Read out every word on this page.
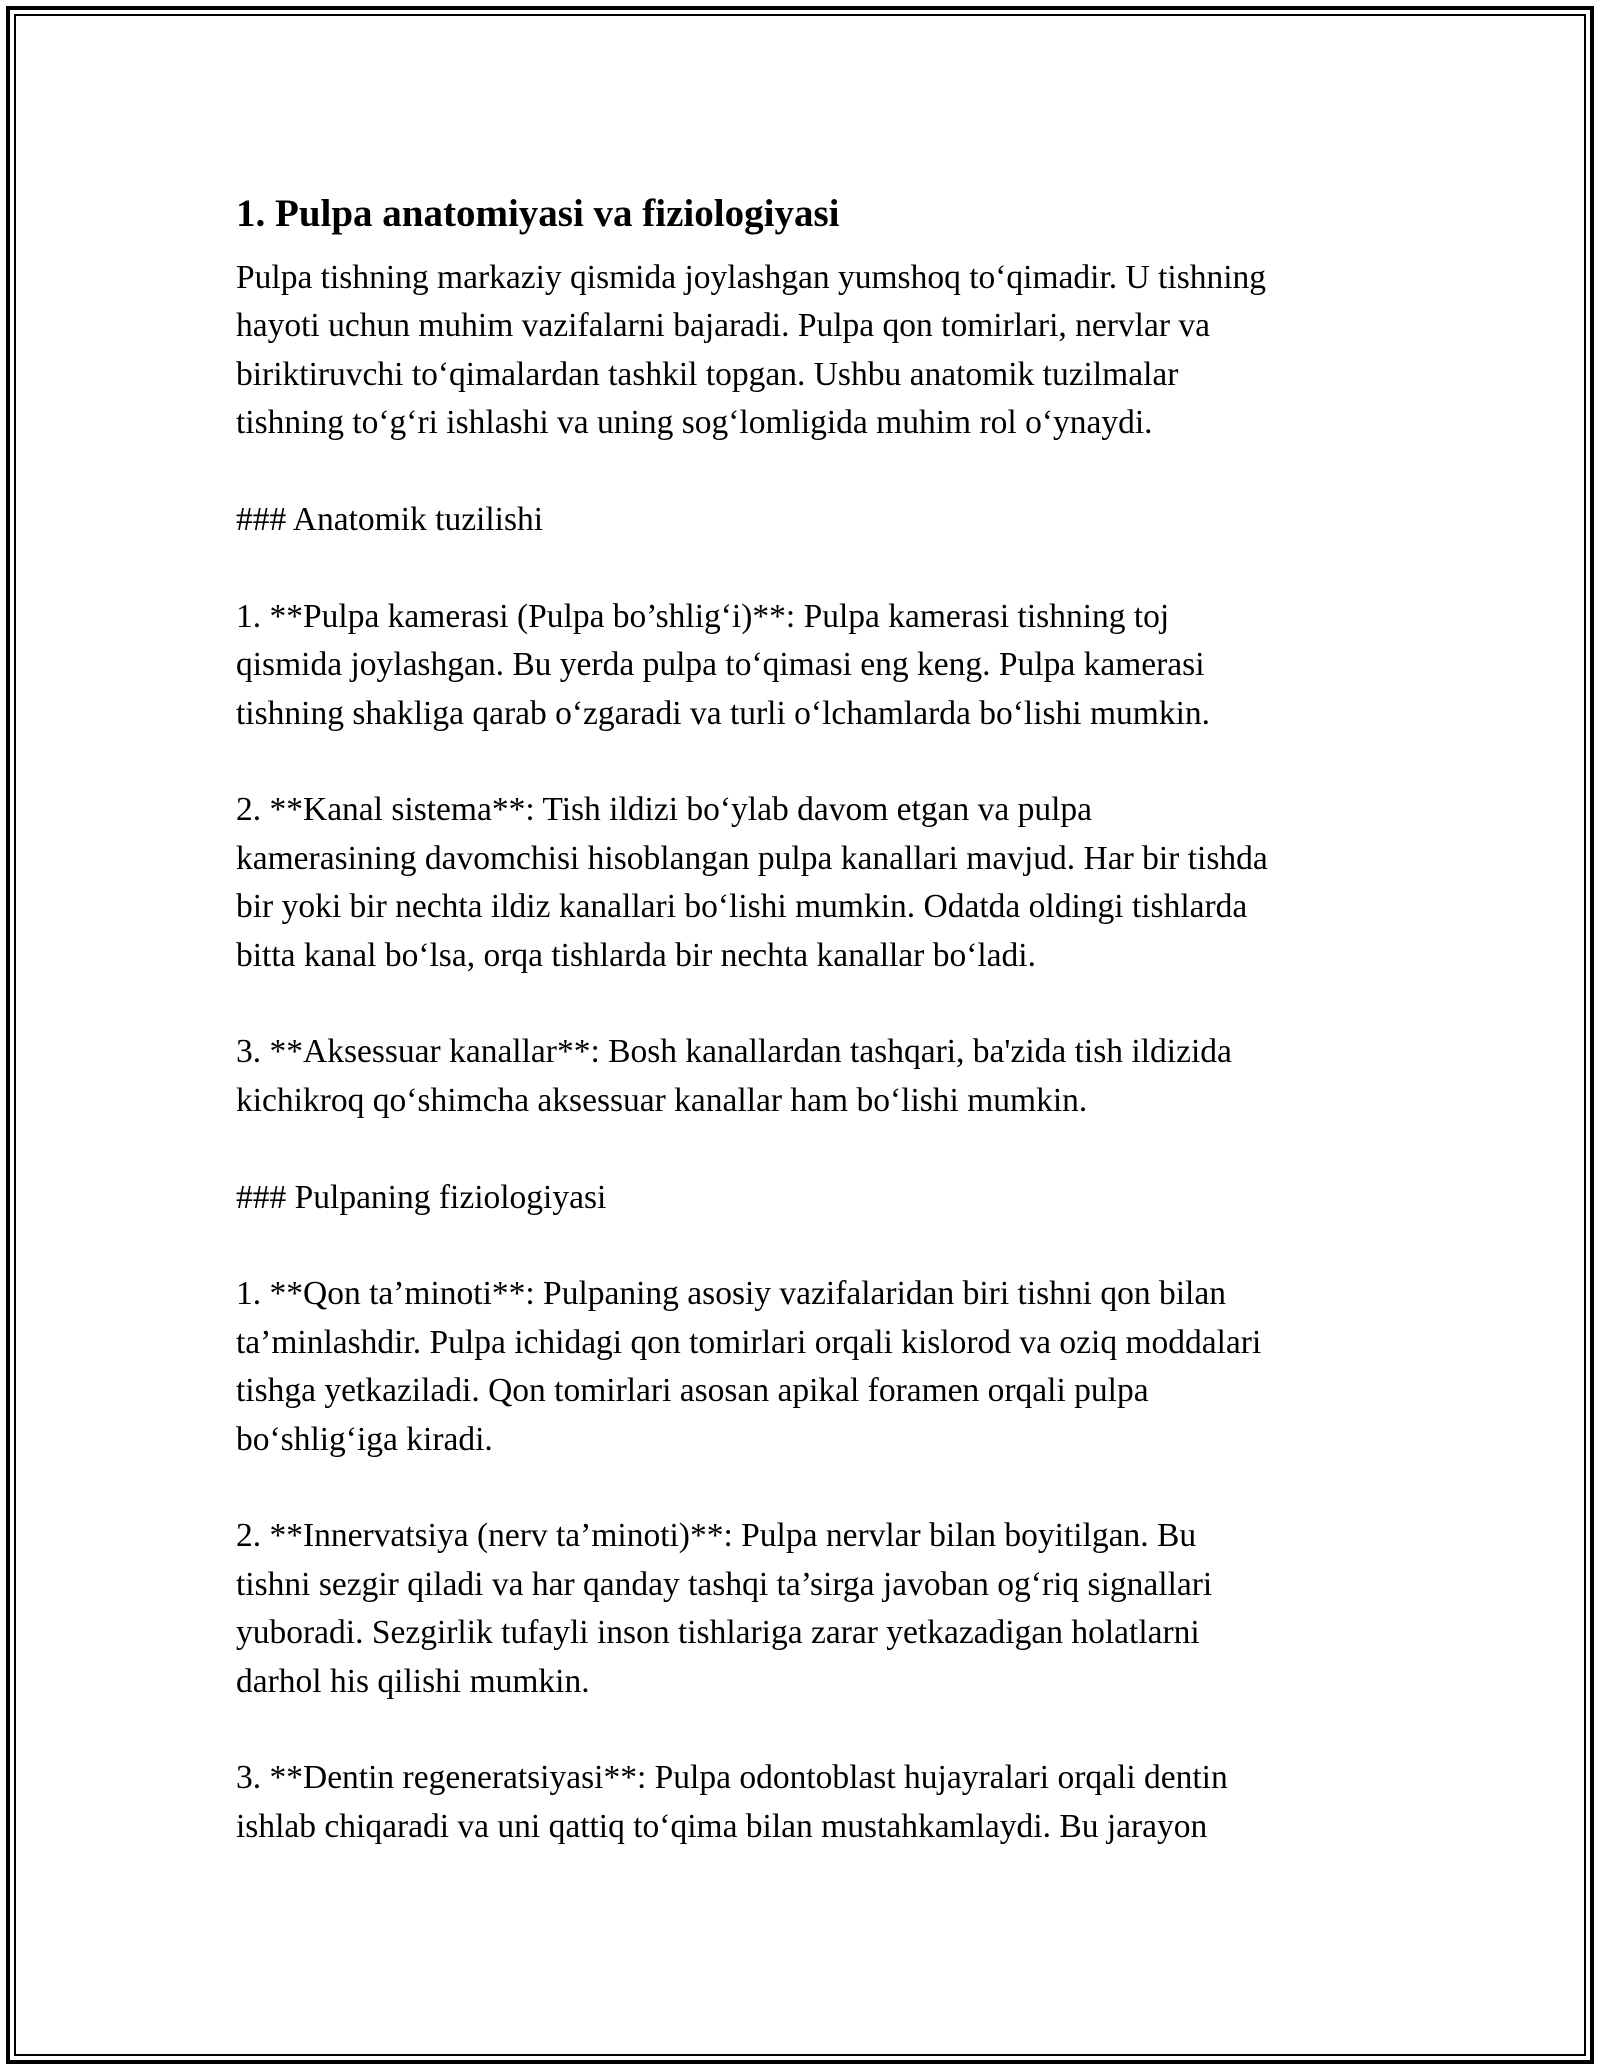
1. Pulpa anatomiyasi va fiziologiyasi

Pulpa tishning markaziy qismida joylashgan yumshoq to‘qimadir. U tishning
hayoti uchun muhim vazifalarni bajaradi. Pulpa qon tomirlari, nervlar va
biriktiruvchi to‘qimalardan tashkil topgan. Ushbu anatomik tuzilmalar
tishning to‘g‘ri ishlashi va uning sog‘lomligida muhim rol o‘ynaydi.

### Anatomik tuzilishi

1. **Pulpa kamerasi (Pulpa bo’shlig‘i)**: Pulpa kamerasi tishning toj
qismida joylashgan. Bu yerda pulpa to‘qimasi eng keng. Pulpa kamerasi
tishning shakliga qarab o‘zgaradi va turli o‘lchamlarda bo‘lishi mumkin.

2. **Kanal sistema**: Tish ildizi bo‘ylab davom etgan va pulpa
kamerasining davomchisi hisoblangan pulpa kanallari mavjud. Har bir tishda
bir yoki bir nechta ildiz kanallari bo‘lishi mumkin. Odatda oldingi tishlarda
bitta kanal bo‘lsa, orqa tishlarda bir nechta kanallar bo‘ladi.

3. **Aksessuar kanallar**: Bosh kanallardan tashqari, ba'zida tish ildizida
kichikroq qo‘shimcha aksessuar kanallar ham bo‘lishi mumkin.

### Pulpaning fiziologiyasi

1. **Qon ta’minoti**: Pulpaning asosiy vazifalaridan biri tishni qon bilan
ta’minlashdir. Pulpa ichidagi qon tomirlari orqali kislorod va oziq moddalari
tishga yetkaziladi. Qon tomirlari asosan apikal foramen orqali pulpa
bo‘shlig‘iga kiradi.

2. **Innervatsiya (nerv ta’minoti)**: Pulpa nervlar bilan boyitilgan. Bu
tishni sezgir qiladi va har qanday tashqi ta’sirga javoban og‘riq signallari
yuboradi. Sezgirlik tufayli inson tishlariga zarar yetkazadigan holatlarni
darhol his qilishi mumkin.

3. **Dentin regeneratsiyasi**: Pulpa odontoblast hujayralari orqali dentin
ishlab chiqaradi va uni qattiq to‘qima bilan mustahkamlaydi. Bu jarayon
